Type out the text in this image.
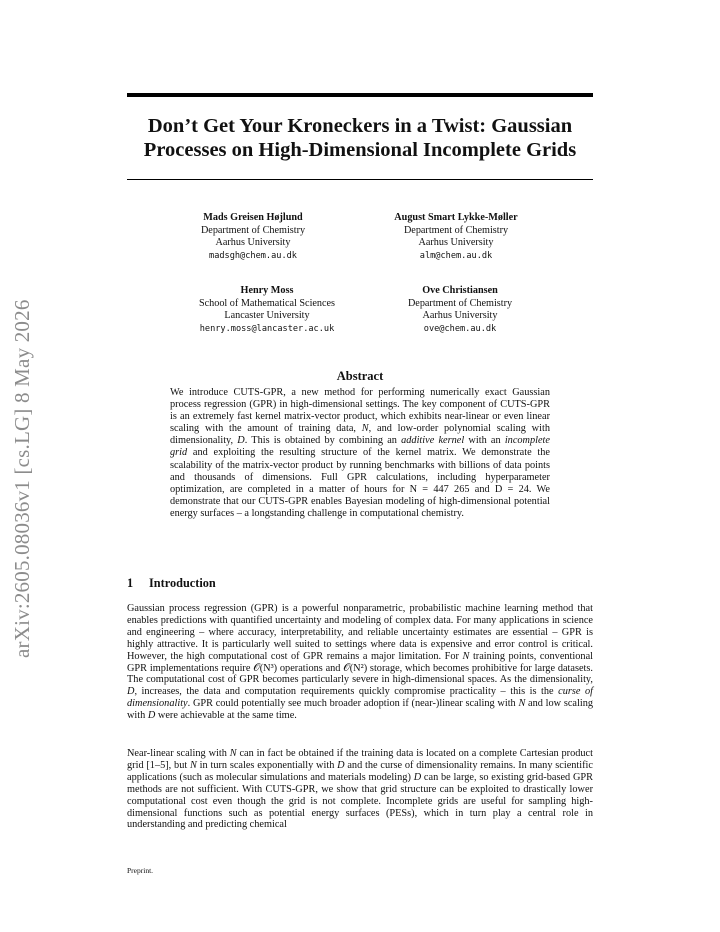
arXiv:2605.08036v1 [cs.LG] 8 May 2026
Don’t Get Your Kroneckers in a Twist: Gaussian Processes on High-Dimensional Incomplete Grids
Mads Greisen Højlund
Department of Chemistry
Aarhus University
madsgh@chem.au.dk
August Smart Lykke-Møller
Department of Chemistry
Aarhus University
alm@chem.au.dk
Henry Moss
School of Mathematical Sciences
Lancaster University
henry.moss@lancaster.ac.uk
Ove Christiansen
Department of Chemistry
Aarhus University
ove@chem.au.dk
Abstract

We introduce CUTS-GPR, a new method for performing numerically exact Gaussian process regression (GPR) in high-dimensional settings. The key component of CUTS-GPR is an extremely fast kernel matrix-vector product, which exhibits near-linear or even linear scaling with the amount of training data, N, and low-order polynomial scaling with dimensionality, D. This is obtained by combining an additive kernel with an incomplete grid and exploiting the resulting structure of the kernel matrix. We demonstrate the scalability of the matrix-vector product by running benchmarks with billions of data points and thousands of dimensions. Full GPR calculations, including hyperparameter optimization, are completed in a matter of hours for N = 447 265 and D = 24. We demonstrate that our CUTS-GPR enables Bayesian modeling of high-dimensional potential energy surfaces – a longstanding challenge in computational chemistry.

1 Introduction

Gaussian process regression (GPR) is a powerful nonparametric, probabilistic machine learning method that enables predictions with quantified uncertainty and modeling of complex data. For many applications in science and engineering – where accuracy, interpretability, and reliable uncertainty estimates are essential – GPR is highly attractive. It is particularly well suited to settings where data is expensive and error control is critical. However, the high computational cost of GPR remains a major limitation. For N training points, conventional GPR implementations require 𝒪(N³) operations and 𝒪(N²) storage, which becomes prohibitive for large datasets. The computational cost of GPR becomes particularly severe in high-dimensional spaces. As the dimensionality, D, increases, the data and computation requirements quickly compromise practicality – this is the curse of dimensionality. GPR could potentially see much broader adoption if (near-)linear scaling with N and low scaling with D were achievable at the same time.

Near-linear scaling with N can in fact be obtained if the training data is located on a complete Cartesian product grid [1–5], but N in turn scales exponentially with D and the curse of dimensionality remains. In many scientific applications (such as molecular simulations and materials modeling) D can be large, so existing grid-based GPR methods are not sufficient. With CUTS-GPR, we show that grid structure can be exploited to drastically lower computational cost even though the grid is not complete. Incomplete grids are useful for sampling high-dimensional functions such as potential energy surfaces (PESs), which in turn play a central role in understanding and predicting chemical

Preprint.
